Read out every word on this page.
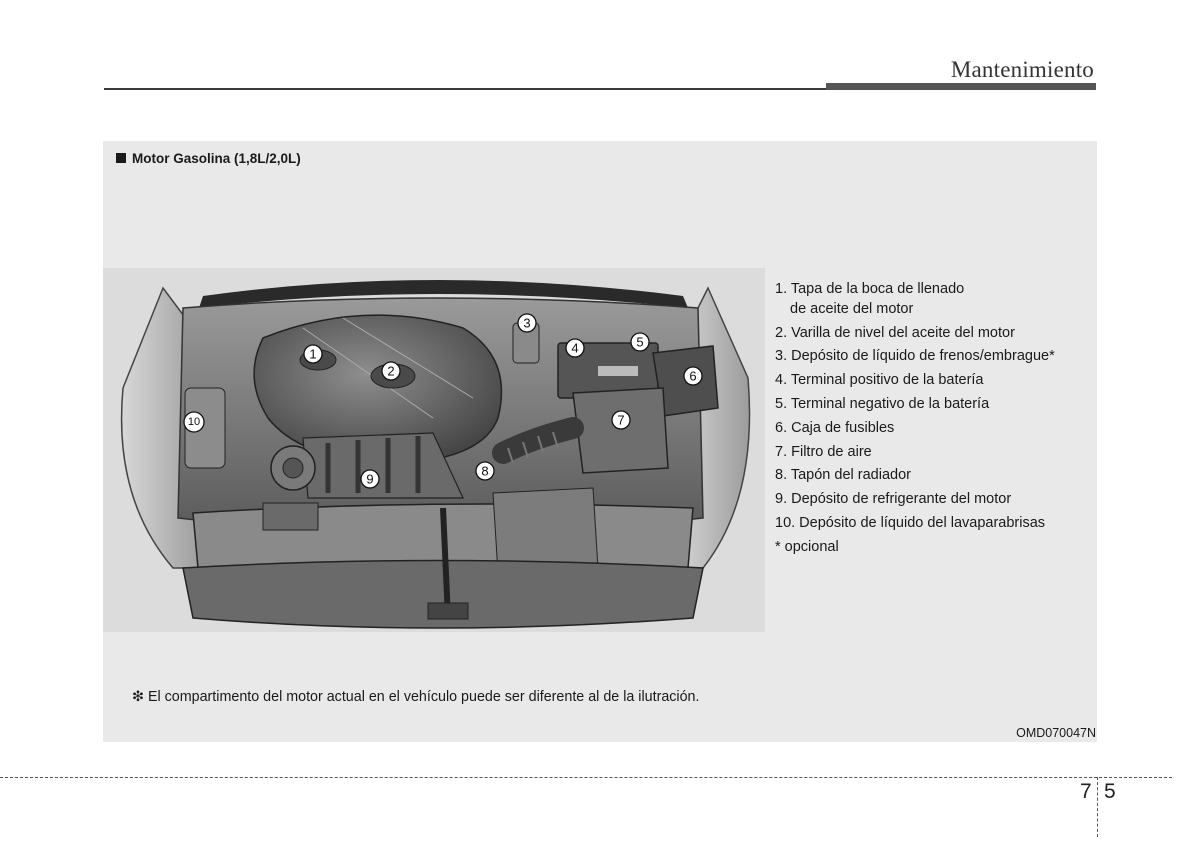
Mantenimiento
Motor Gasolina (1,8L/2,0L)
1
2
3
4	5
6
7
8
9
10
1. Tapa de la boca de llenado
de aceite del motor
2. Varilla de nivel del aceite del motor
3. Depósito de líquido de frenos/embrague*
4. Terminal positivo de la batería
5. Terminal negativo de la batería
6. Caja de fusibles
7. Filtro de aire
8. Tapón del radiador
9. Depósito de refrigerante del motor
10. Depósito de líquido del lavaparabrisas
* opcional
❇ El compartimento del motor actual en el vehículo puede ser diferente al de la ilutración.
OMD070047N
7 5
